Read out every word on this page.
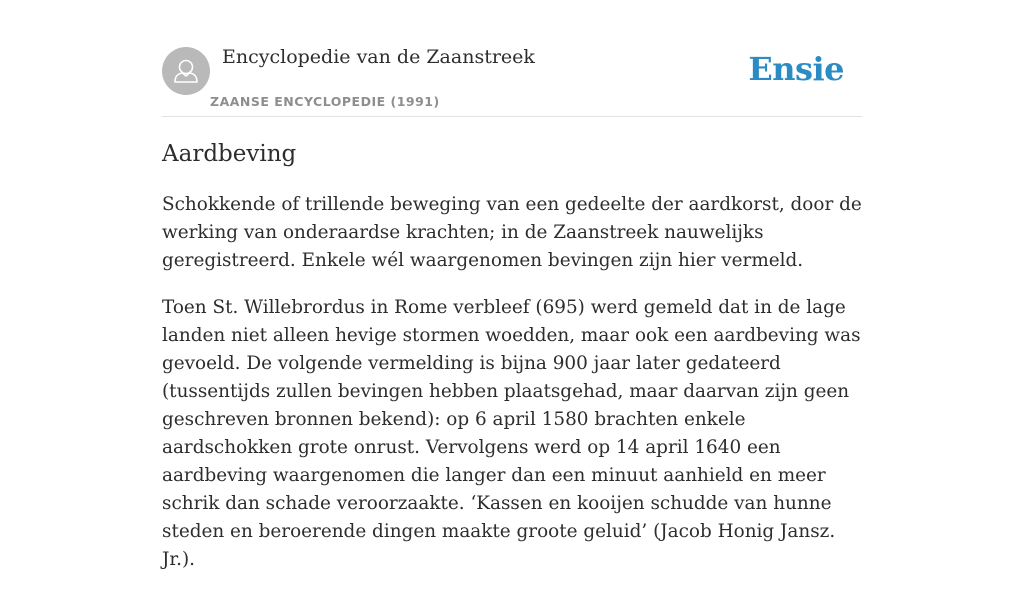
Encyclopedie van de Zaanstreek
ZAANSE ENCYCLOPEDIE (1991)
Ensie
Aardbeving

Schokkende of trillende beweging van een gedeelte der aardkorst, door de werking van onderaardse krachten; in de Zaanstreek nauwelijks geregistreerd. Enkele wél waargenomen bevingen zijn hier vermeld.

Toen St. Willebrordus in Rome verbleef (695) werd gemeld dat in de lage landen niet alleen hevige stormen woedden, maar ook een aardbeving was gevoeld. De volgende vermelding is bijna 900 jaar later gedateerd (tussentijds zullen bevingen hebben plaatsgehad, maar daarvan zijn geen geschreven bronnen bekend): op 6 april 1580 brachten enkele aardschokken grote onrust. Vervolgens werd op 14 april 1640 een aardbeving waargenomen die langer dan een minuut aanhield en meer schrik dan schade veroorzaakte. ‘Kassen en kooijen schudde van hunne steden en beroerende dingen maakte groote geluid’ (Jacob Honig Jansz. Jr.).
